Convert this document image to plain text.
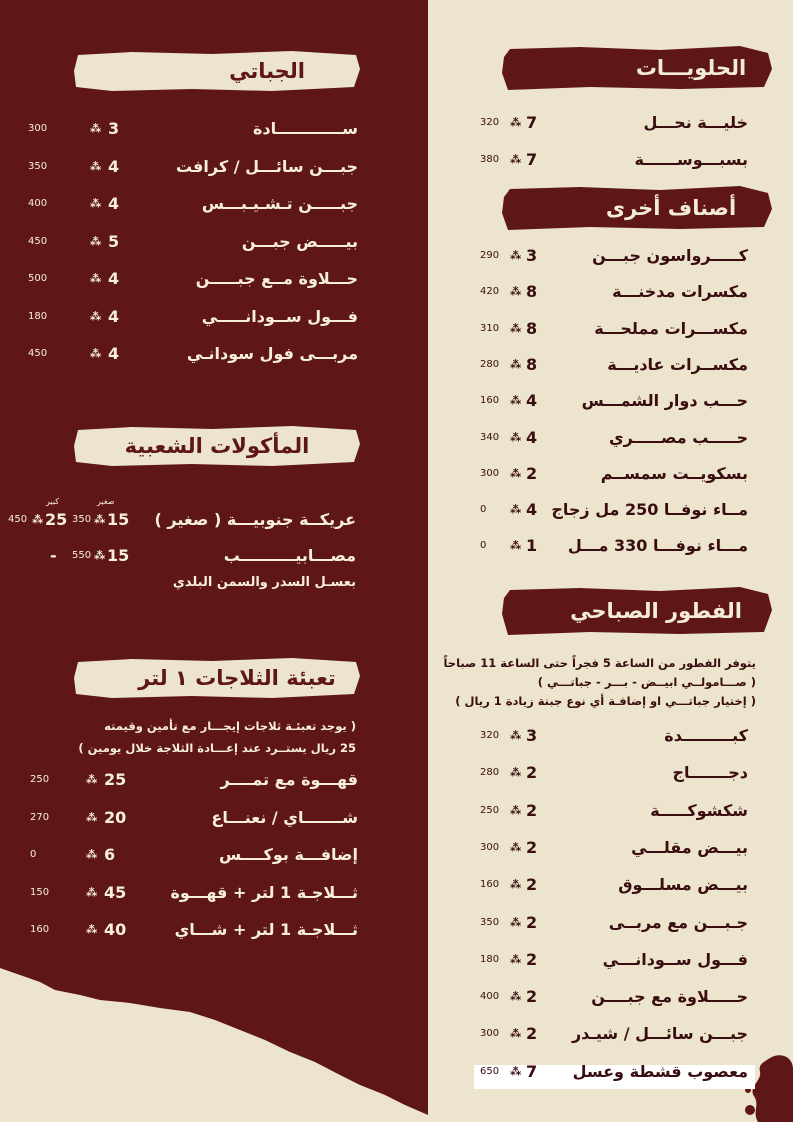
الجباتي
300	⁂ 3	ســــــــــــادة
350	⁂ 4	جبـــن سائـــل / كرافت
400	⁂ 4	جبـــــن تـشـيـبـــس
450	⁂ 5	بيـــــض جبـــن
500	⁂ 4	حـــلاوة مــع جبـــــن
180	⁂ 4	فـــول ســودانـــــي
450	⁂ 4	مربـــى فول سودانـي
المأكولات الشعبية
كبير	صغير
450 ⁂ 25 350 ⁂ 15 عريكــة جنوبيـــة ( صغير )
- 550 ⁂ 15	مصـــابيــــــــــب
بعسـل السدر والسمن البلدي
تعبئة الثلاجات ١ لتر
( يوجد تعبئـة ثلاجات إيجـــار مع تأمين وقيمته
25 ريال يستــرد عند إعـــادة الثلاجة خلال يومين )
250	⁂ 25	قهـــوة مع تمــــر
270	⁂ 20	شـــــــاي / نعنـــاع
0	⁂ 6	إضافـــة بوكــــس
150	⁂ 45	ثـــلاجـة 1 لتر + قهـــوة
160	⁂ 40	ثـــلاجـة 1 لتر + شـــاي
الحلويـــات
320 ⁂ 7	خليـــة نحـــل
380 ⁂ 7	بسبـــوســــــة
أصناف أخرى
290 ⁂ 3	كـــــرواسون جبـــن
420 ⁂ 8	مكسرات مدخنـــة
310 ⁂ 8	مكســـرات مملحـــة
280 ⁂ 8	مكســرات عاديـــة
160 ⁂ 4	حـــب دوار الشمـــس
340 ⁂ 4	حـــــب مصـــــري
300 ⁂ 2	بسكويــت سمســم
0 ⁂ 4 مــاء نوفــا 250 مل زجاج
0 ⁂ 1 مـــاء نوفـــا 330 مـــل
الفطور الصباحي
يتوفر الفطور من الساعة 5 فجراً حتى الساعة 11 صباحاً
( صـــامولــي ابيــض - بـــر - جباتـــي )
( إختيار جباتـــي او إضافـة أي نوع جبنة زيادة 1 ريال )
320 ⁂ 3	كبـــــــــدة
280 ⁂ 2	دجـــــــاج
250 ⁂ 2	شكشوكـــــة
300 ⁂ 2	بيـــض مقلـــي
160 ⁂ 2	بيـــض مسلـــوق
350 ⁂ 2	جـبـــن مع مربــى
180 ⁂ 2	فـــول ســودانـــي
400 ⁂ 2	حـــــلاوة مع جبــــن
300 ⁂ 2 جبـــن سائـــل / شيـدر
650 ⁂ 7 معصوب قشطة وعسل
